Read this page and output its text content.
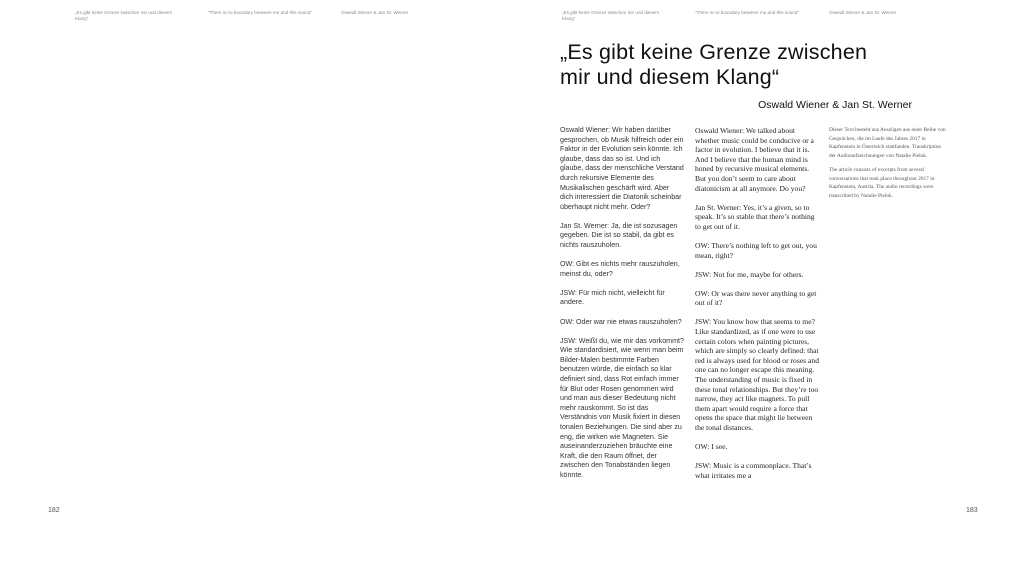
„Es gibt keine Grenze zwischen mir und diesem Klang“
“There is no boundary between me and this sound”	Oswald Wiener & Jan St. Werner
182
„Es gibt keine Grenze zwischen mir und diesem Klang“
“There is no boundary between me and this sound”	Oswald Wiener & Jan St. Werner
„Es gibt keine Grenze zwischen
mir und diesem Klang“
Oswald Wiener & Jan St. Werner

Oswald Wiener: Wir haben darüber gesprochen, ob Musik hilfreich oder ein Faktor in der Evolution sein könnte. Ich glaube, dass das so ist. Und ich glaube, dass der menschliche Verstand durch rekursive Elemente des Musikalischen geschärft wird. Aber dich interessiert die Diatonik scheinbar überhaupt nicht mehr. Oder?

Jan St. Werner: Ja, die ist sozusagen gegeben. Die ist so stabil, da gibt es nichts rauszuholen.

OW: Gibt es nichts mehr rauszuholen, meinst du, oder?

JSW: Für mich nicht, vielleicht für andere.

OW: Oder war nie etwas rauszuholen?

JSW: Weißt du, wie mir das vorkommt? Wie standardisiert, wie wenn man beim Bilder-Malen bestimmte Farben benutzen würde, die einfach so klar definiert sind, dass Rot einfach immer für Blut oder Rosen genommen wird und man aus dieser Bedeutung nicht mehr rauskommt. So ist das Verständnis von Musik fixiert in diesen tonalen Beziehungen. Die sind aber zu eng, die wirken wie Magneten. Sie auseinanderzuziehen bräuchte eine Kraft, die den Raum öffnet, der zwischen den Tonabständen liegen könnte.

Oswald Wiener: We talked about whether music could be conducive or a factor in evolution. I believe that it is. And I believe that the human mind is honed by recursive musical elements. But you don’t seem to care about diatonicism at all anymore. Do you?

Jan St. Werner: Yes, it’s a given, so to speak. It’s so stable that there’s nothing to get out of it.

OW: There’s nothing left to get out, you mean, right?

JSW: Not for me, maybe for others.

OW: Or was there never anything to get out of it?

JSW: You know how that seems to me? Like standardized, as if one were to use certain colors when painting pictures, which are simply so clearly defined: that red is always used for blood or roses and one can no longer escape this meaning. The understanding of music is fixed in these tonal relationships. But they’re too narrow, they act like magnets. To pull them apart would require a force that opens the space that might lie between the tonal distances.

OW: I see.

JSW: Music is a commonplace. That’s what irritates me a

Dieser Text besteht aus Auszügen aus einer Reihe von Gesprächen, die im Laufe des Jahres 2017 in Kapfenstein in Österreich stattfanden. Transkription der Audioaufzeichnungen von Natalie Pielok.

The article consists of excerpts from several conversations that took place throughout 2017 in Kapfenstein, Austria. The audio recordings were transcribed by Natalie Pielok.

183
